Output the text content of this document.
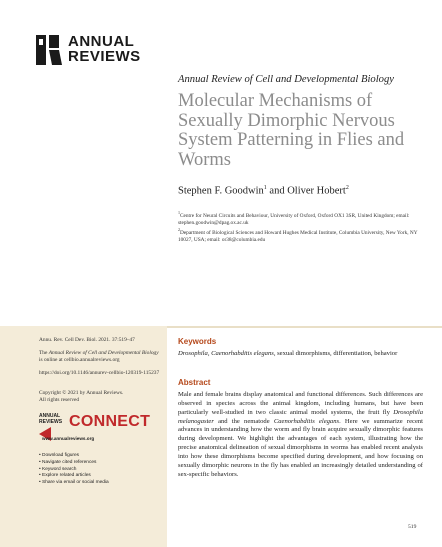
ANNUAL
REVIEWS
Annual Review of Cell and Developmental Biology
Molecular Mechanisms of Sexually Dimorphic Nervous System Patterning in Flies and Worms
Stephen F. Goodwin$^1$ and Oliver Hobert$^2$
$^1$Centre for Neural Circuits and Behaviour, University of Oxford, Oxford OX1 3SR, United Kingdom; email: stephen.goodwin@dpag.ox.ac.uk
$^2$Department of Biological Sciences and Howard Hughes Medical Institute, Columbia University, New York, NY 10027, USA; email: or38@columbia.edu
Annu. Rev. Cell Dev. Biol. 2021. 37:519–47
The Annual Review of Cell and Developmental Biology is online at cellbio.annualreviews.org
https://doi.org/10.1146/annurev-cellbio-120319-115237
Copyright © 2021 by Annual Reviews.
All rights reserved
ANNUAL
REVIEWS CONNECT
www.annualreviews.org
• Download figures
• Navigate cited references
• Keyword search
• Explore related articles
• Share via email or social media
Keywords
Drosophila, Caenorhabditis elegans, sexual dimorphisms, differentiation, behavior
Abstract
Male and female brains display anatomical and functional differences. Such differences are observed in species across the animal kingdom, including humans, but have been particularly well-studied in two classic animal model systems, the fruit fly Drosophila melanogaster and the nematode Caenorhabditis elegans. Here we summarize recent advances in understanding how the worm and fly brain acquire sexually dimorphic features during development. We highlight the advantages of each system, illustrating how the precise anatomical delineation of sexual dimorphisms in worms has enabled recent analysis into how these dimorphisms become specified during development, and how focusing on sexually dimorphic neurons in the fly has enabled an increasingly detailed understanding of sex-specific behaviors.
519
